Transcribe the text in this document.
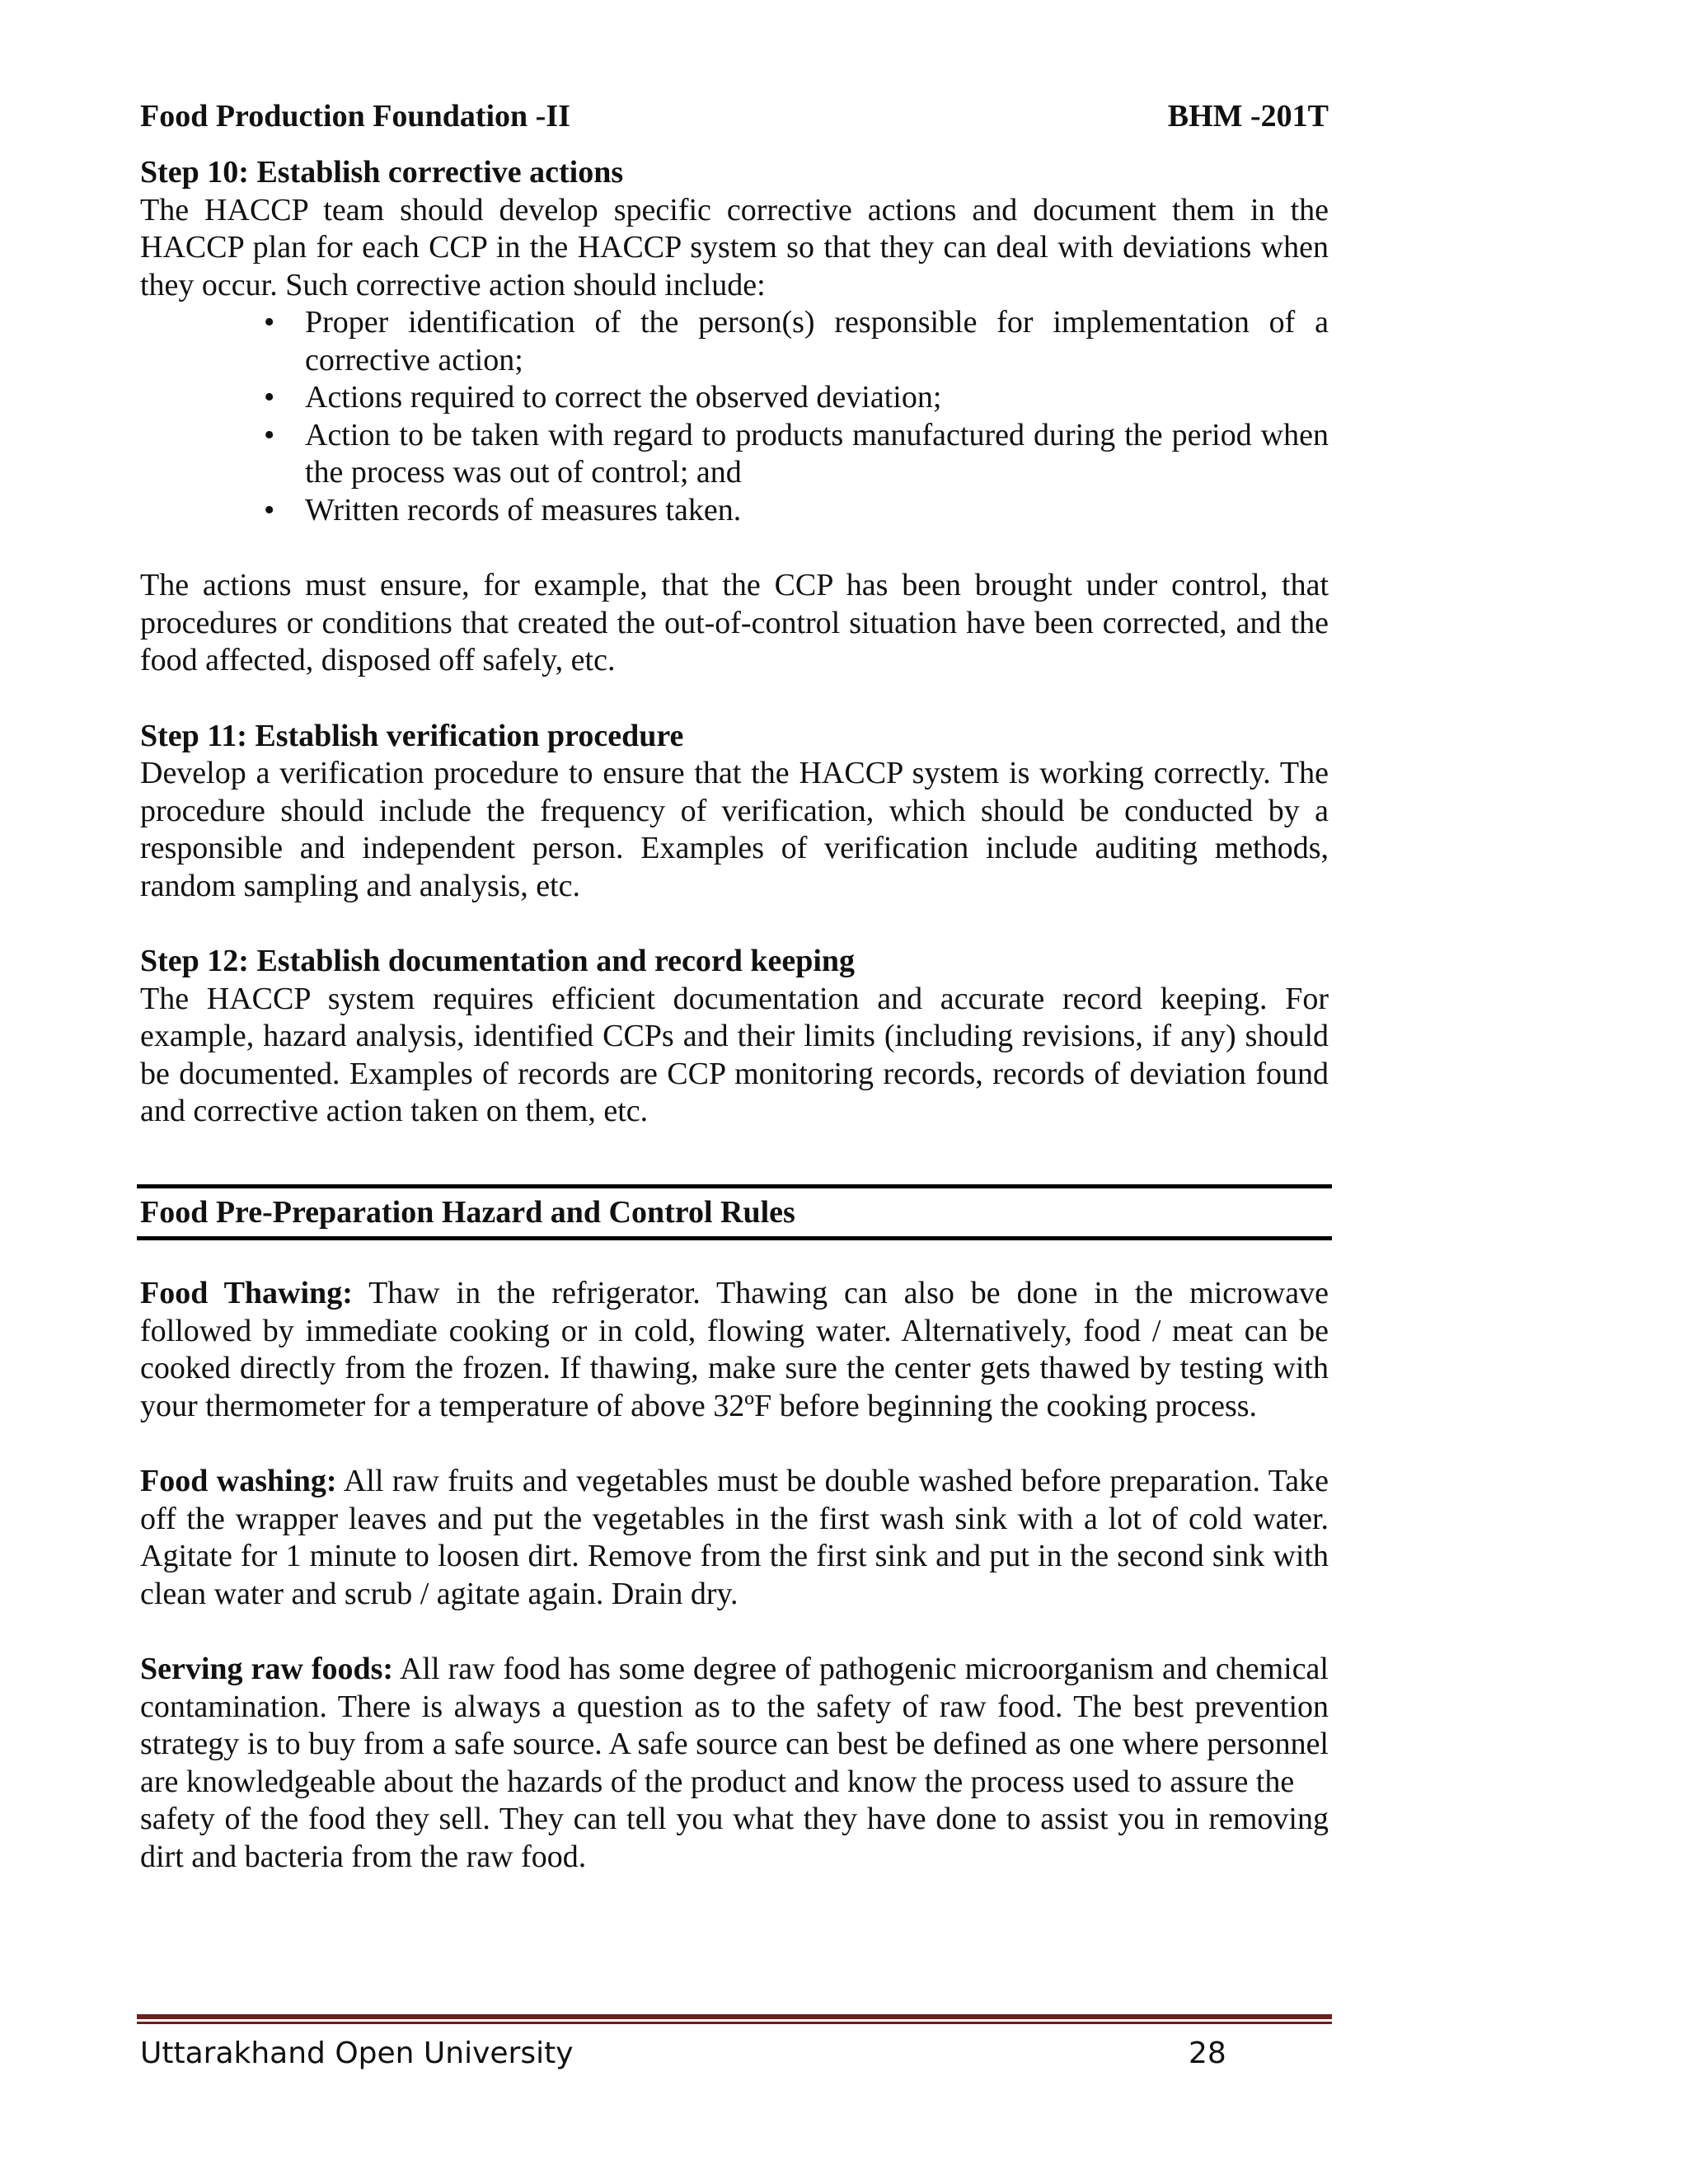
Food Production Foundation -II	BHM -201T
Step 10: Establish corrective actions

The HACCP team should develop specific corrective actions and document them in the HACCP plan for each CCP in the HACCP system so that they can deal with deviations when they occur. Such corrective action should include:

• Proper identification of the person(s) responsible for implementation of a corrective action;
• Actions required to correct the observed deviation;
• Action to be taken with regard to products manufactured during the period when the process was out of control; and
• Written records of measures taken.

The actions must ensure, for example, that the CCP has been brought under control, that procedures or conditions that created the out-of-control situation have been corrected, and the food affected, disposed off safely, etc.

Step 11: Establish verification procedure

Develop a verification procedure to ensure that the HACCP system is working correctly. The procedure should include the frequency of verification, which should be conducted by a responsible and independent person. Examples of verification include auditing methods, random sampling and analysis, etc.

Step 12: Establish documentation and record keeping

The HACCP system requires efficient documentation and accurate record keeping. For example, hazard analysis, identified CCPs and their limits (including revisions, if any) should be documented. Examples of records are CCP monitoring records, records of deviation found and corrective action taken on them, etc.

Food Pre-Preparation Hazard and Control Rules

Food Thawing: Thaw in the refrigerator. Thawing can also be done in the microwave followed by immediate cooking or in cold, flowing water. Alternatively, food / meat can be cooked directly from the frozen. If thawing, make sure the center gets thawed by testing with your thermometer for a temperature of above 32ºF before beginning the cooking process.

Food washing: All raw fruits and vegetables must be double washed before preparation. Take off the wrapper leaves and put the vegetables in the first wash sink with a lot of cold water. Agitate for 1 minute to loosen dirt. Remove from the first sink and put in the second sink with clean water and scrub / agitate again. Drain dry.

Serving raw foods: All raw food has some degree of pathogenic microorganism and chemical contamination. There is always a question as to the safety of raw food. The best prevention strategy is to buy from a safe source. A safe source can best be defined as one where personnel are knowledgeable about the hazards of the product and know the process used to assure the

safety of the food they sell. They can tell you what they have done to assist you in removing dirt and bacteria from the raw food.

Uttarakhand Open University	28
